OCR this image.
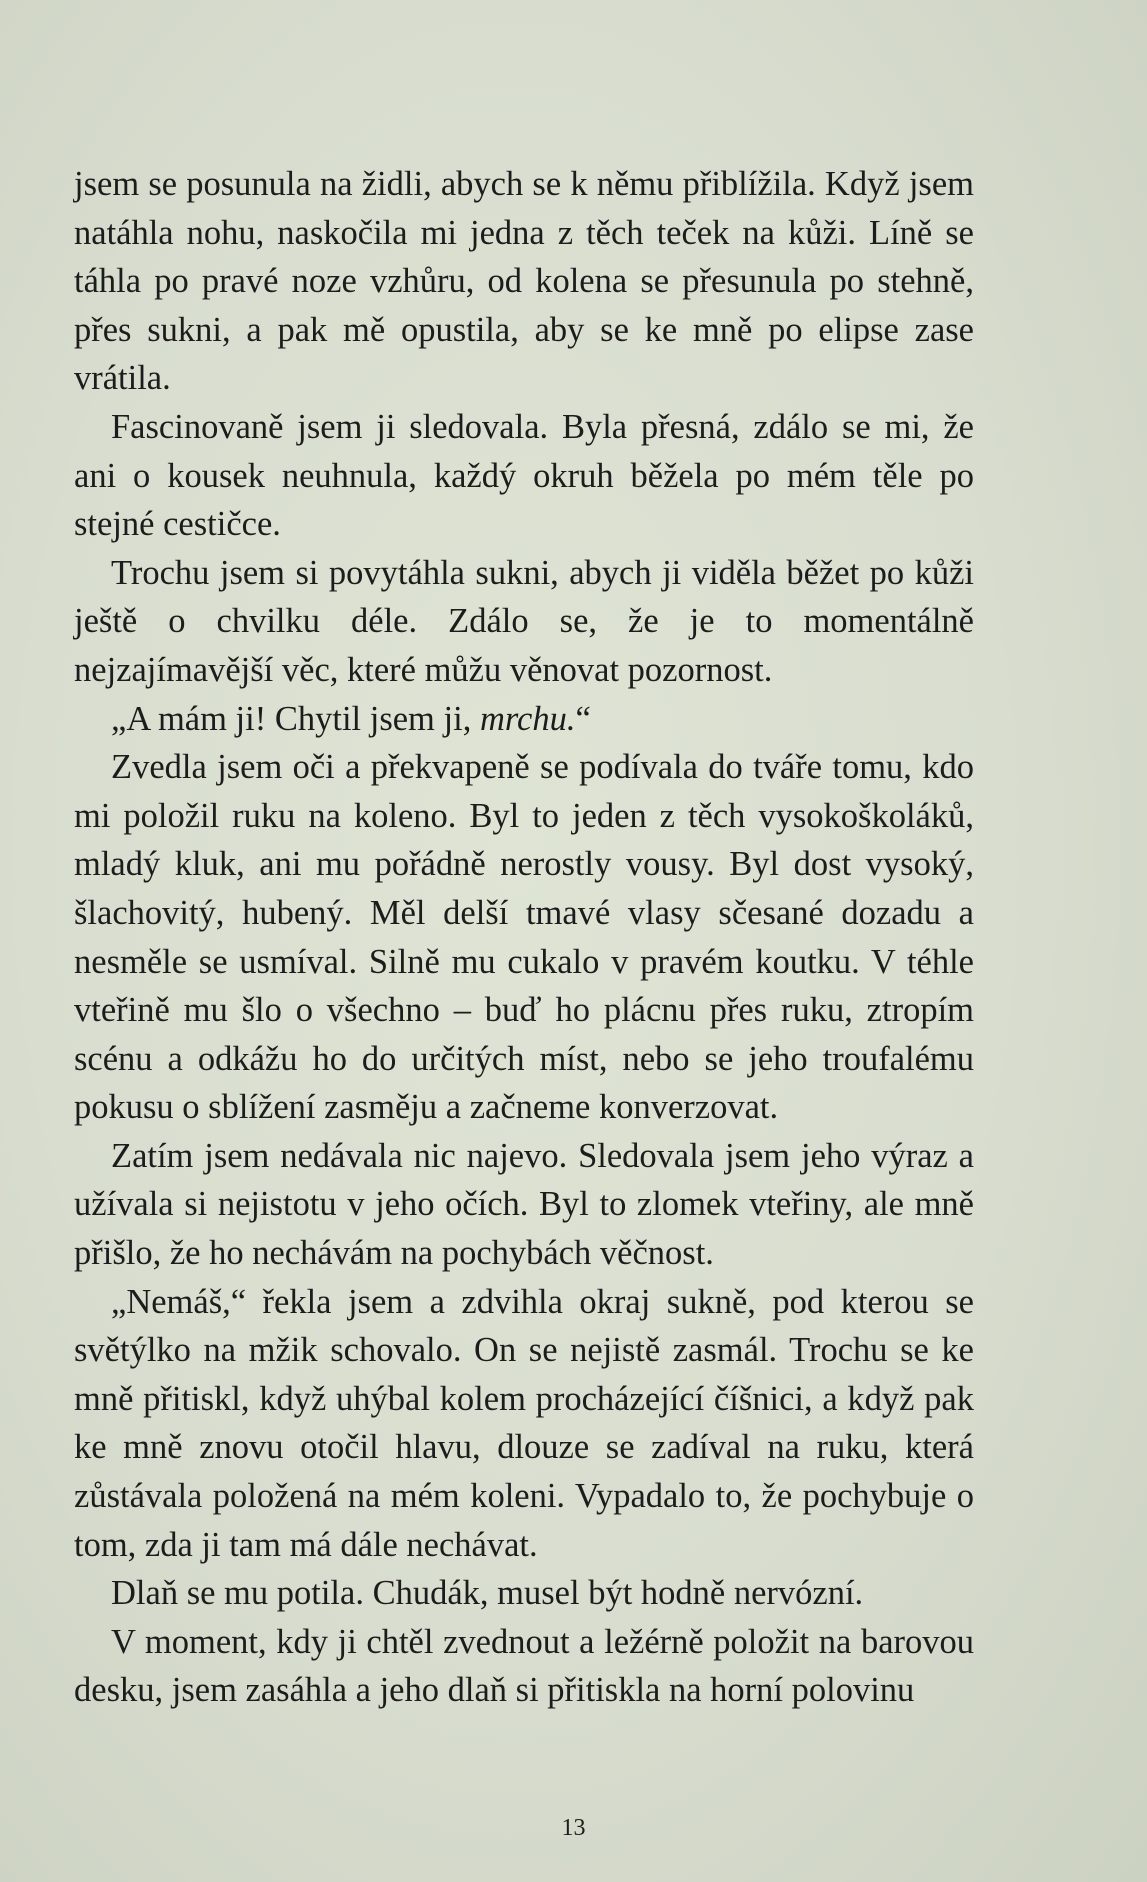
jsem se posunula na židli, abych se k němu přiblížila. Když jsem natáhla nohu, naskočila mi jedna z těch teček na kůži. Líně se táhla po pravé noze vzhůru, od kolena se přesunula po stehně, přes sukni, a pak mě opustila, aby se ke mně po elipse zase vrátila.

Fascinovaně jsem ji sledovala. Byla přesná, zdálo se mi, že ani o kousek neuhnula, každý okruh běžela po mém těle po stejné cestičce.

Trochu jsem si povytáhla sukni, abych ji viděla běžet po kůži ještě o chvilku déle. Zdálo se, že je to momentálně nejzajímavější věc, které můžu věnovat pozornost.

„A mám ji! Chytil jsem ji, mrchu.“

Zvedla jsem oči a překvapeně se podívala do tváře tomu, kdo mi položil ruku na koleno. Byl to jeden z těch vysokoškoláků, mladý kluk, ani mu pořádně nerostly vousy. Byl dost vysoký, šlachovitý, hubený. Měl delší tmavé vlasy sčesané dozadu a nesměle se usmíval. Silně mu cukalo v pravém koutku. V téhle vteřině mu šlo o všechno – buď ho plácnu přes ruku, ztropím scénu a odkážu ho do určitých míst, nebo se jeho troufalému pokusu o sblížení zasměju a začneme konverzovat.

Zatím jsem nedávala nic najevo. Sledovala jsem jeho výraz a užívala si nejistotu v jeho očích. Byl to zlomek vteřiny, ale mně přišlo, že ho nechávám na pochybách věčnost.

„Nemáš,“ řekla jsem a zdvihla okraj sukně, pod kterou se světýlko na mžik schovalo. On se nejistě zasmál. Trochu se ke mně přitiskl, když uhýbal kolem procházející číšnici, a když pak ke mně znovu otočil hlavu, dlouze se zadíval na ruku, která zůstávala položená na mém koleni. Vypadalo to, že pochybuje o tom, zda ji tam má dále nechávat.

Dlaň se mu potila. Chudák, musel být hodně nervózní.

V moment, kdy ji chtěl zvednout a ležérně položit na barovou desku, jsem zasáhla a jeho dlaň si přitiskla na horní polovinu

13
